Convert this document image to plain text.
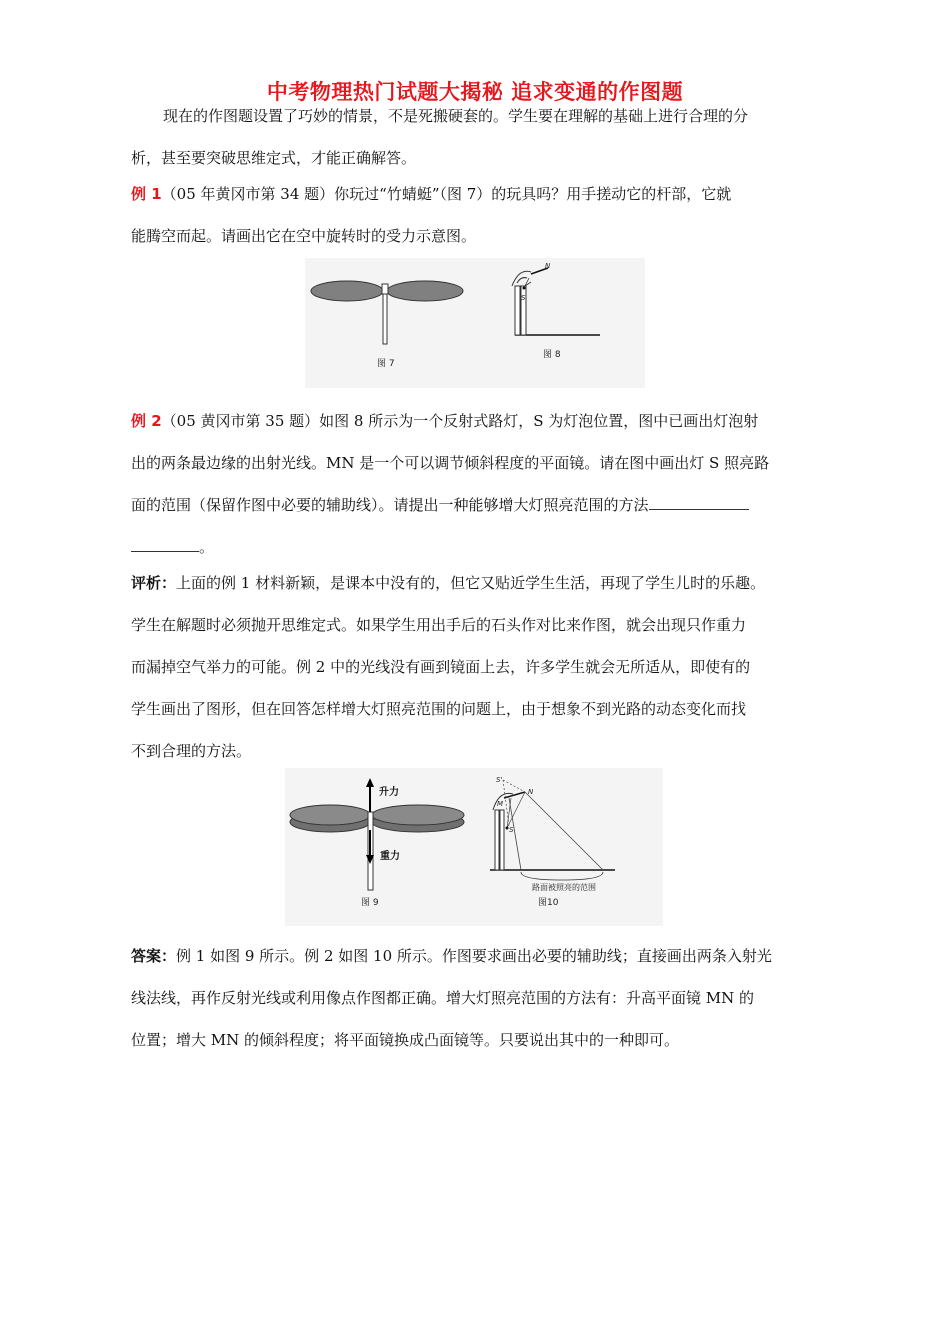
中考物理热门试题大揭秘 追求变通的作图题
现在的作图题设置了巧妙的情景，不是死搬硬套的。学生要在理解的基础上进行合理的分
析，甚至要突破思维定式，才能正确解答。
例 1（05 年黄冈市第 34 题）你玩过“竹蜻蜓”（图 7）的玩具吗？用手搓动它的杆部，它就
能腾空而起。请画出它在空中旋转时的受力示意图。
图 7
N
S
图 8
例 2（05 黄冈市第 35 题）如图 8 所示为一个反射式路灯，S 为灯泡位置，图中已画出灯泡射
出的两条最边缘的出射光线。MN 是一个可以调节倾斜程度的平面镜。请在图中画出灯 S 照亮路
面的范围（保留作图中必要的辅助线）。请提出一种能够增大灯照亮范围的方法
。
评析：上面的例 1 材料新颖，是课本中没有的，但它又贴近学生生活，再现了学生儿时的乐趣。
学生在解题时必须抛开思维定式。如果学生用出手后的石头作对比来作图，就会出现只作重力
而漏掉空气举力的可能。例 2 中的光线没有画到镜面上去，许多学生就会无所适从，即使有的
学生画出了图形，但在回答怎样增大灯照亮范围的问题上，由于想象不到光路的动态变化而找
不到合理的方法。
升力
重力
图 9
S'
N
M
S
路面被照亮的范围
图10
答案：例 1 如图 9 所示。例 2 如图 10 所示。作图要求画出必要的辅助线；直接画出两条入射光
线法线，再作反射光线或利用像点作图都正确。增大灯照亮范围的方法有：升高平面镜 MN 的
位置；增大 MN 的倾斜程度；将平面镜换成凸面镜等。只要说出其中的一种即可。
